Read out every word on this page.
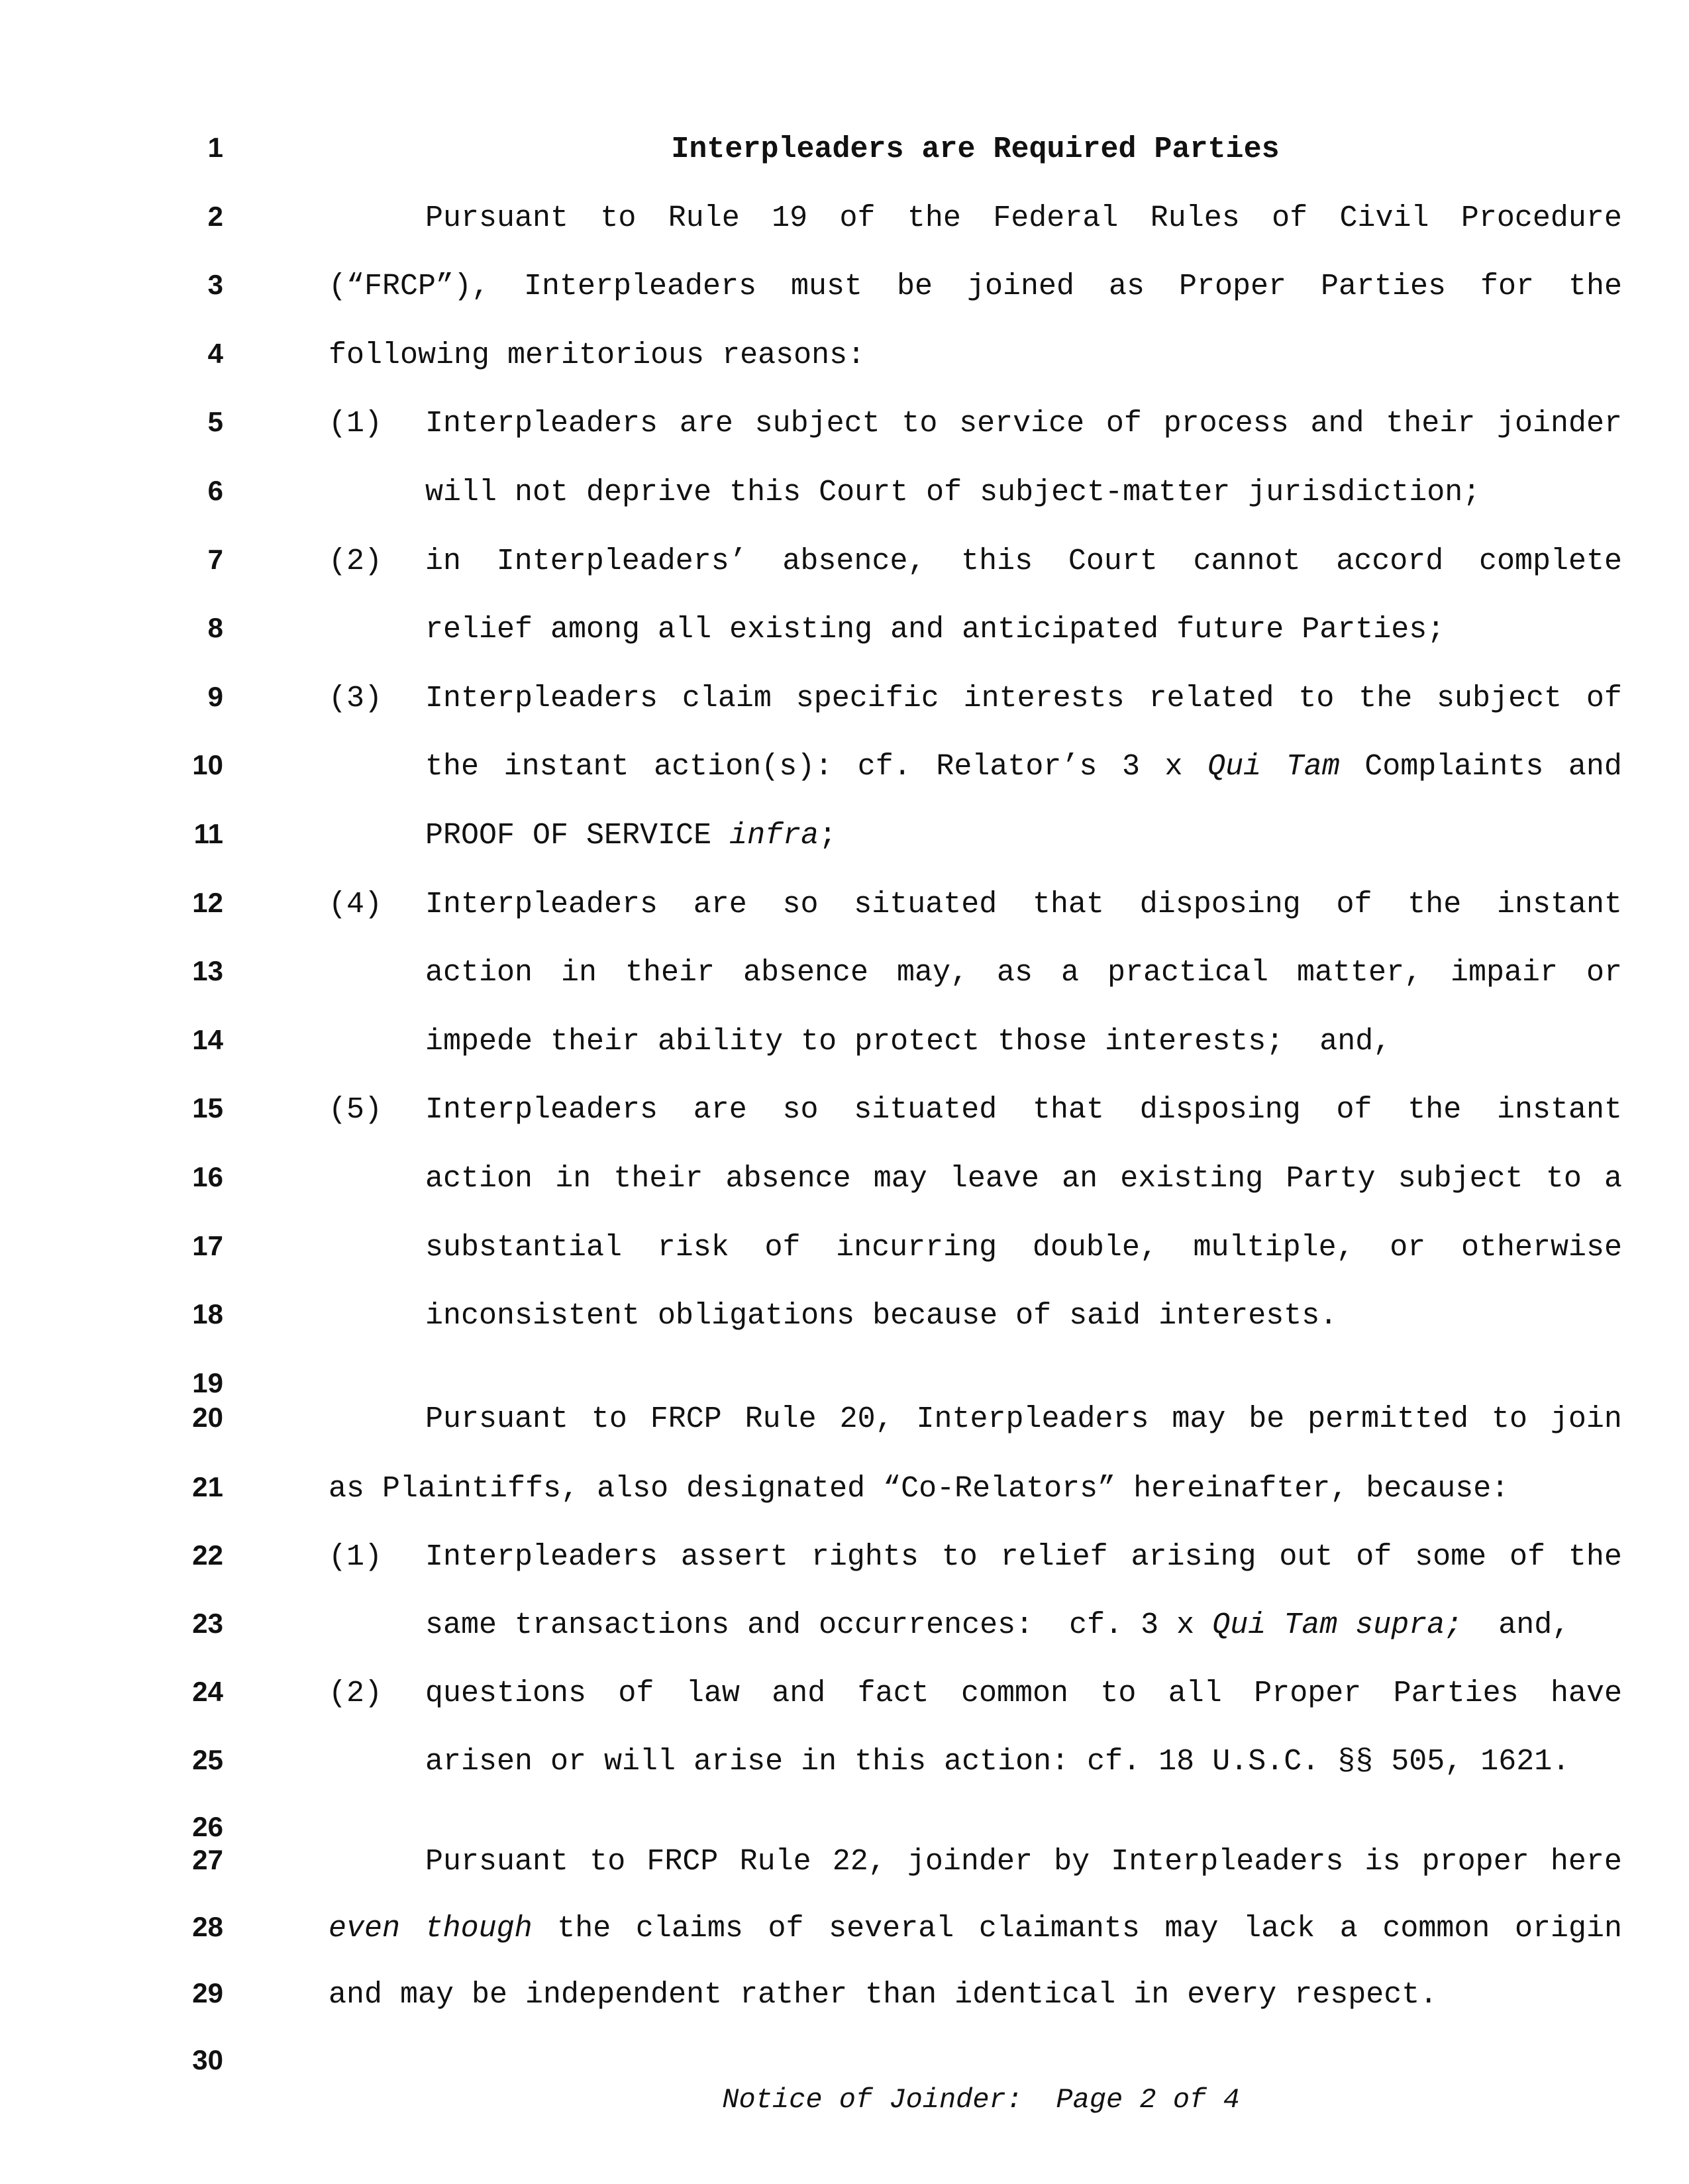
1
2
3
4
5
6
7
8
9
10
11
12
13
14
15
16
17
18
19
20
21
22
23
24
25
26
27
28
29
30
Interpleaders are Required Parties
Pursuant to Rule 19 of the Federal Rules of Civil Procedure
(“FRCP”), Interpleaders must be joined as Proper Parties for the
following meritorious reasons:
(1) Interpleaders are subject to service of process and their joinder
will not deprive this Court of subject-matter jurisdiction;
(2) in Interpleaders’ absence, this Court cannot accord complete
relief among all existing and anticipated future Parties;
(3) Interpleaders claim specific interests related to the subject of
the instant action(s): cf. Relator’s 3 x Qui Tam Complaints and
PROOF OF SERVICE infra;
(4) Interpleaders are so situated that disposing of the instant
action in their absence may, as a practical matter, impair or
impede their ability to protect those interests;  and,
(5) Interpleaders are so situated that disposing of the instant
action in their absence may leave an existing Party subject to a
substantial risk of incurring double, multiple, or otherwise
inconsistent obligations because of said interests.
Pursuant to FRCP Rule 20, Interpleaders may be permitted to join
as Plaintiffs, also designated “Co-Relators” hereinafter, because:
(1) Interpleaders assert rights to relief arising out of some of the
same transactions and occurrences:  cf. 3 x Qui Tam supra;  and,
(2) questions of law and fact common to all Proper Parties have
arisen or will arise in this action: cf. 18 U.S.C. §§ 505, 1621.
Pursuant to FRCP Rule 22, joinder by Interpleaders is proper here
even though the claims of several claimants may lack a common origin
and may be independent rather than identical in every respect.
Notice of Joinder:  Page 2 of 4
